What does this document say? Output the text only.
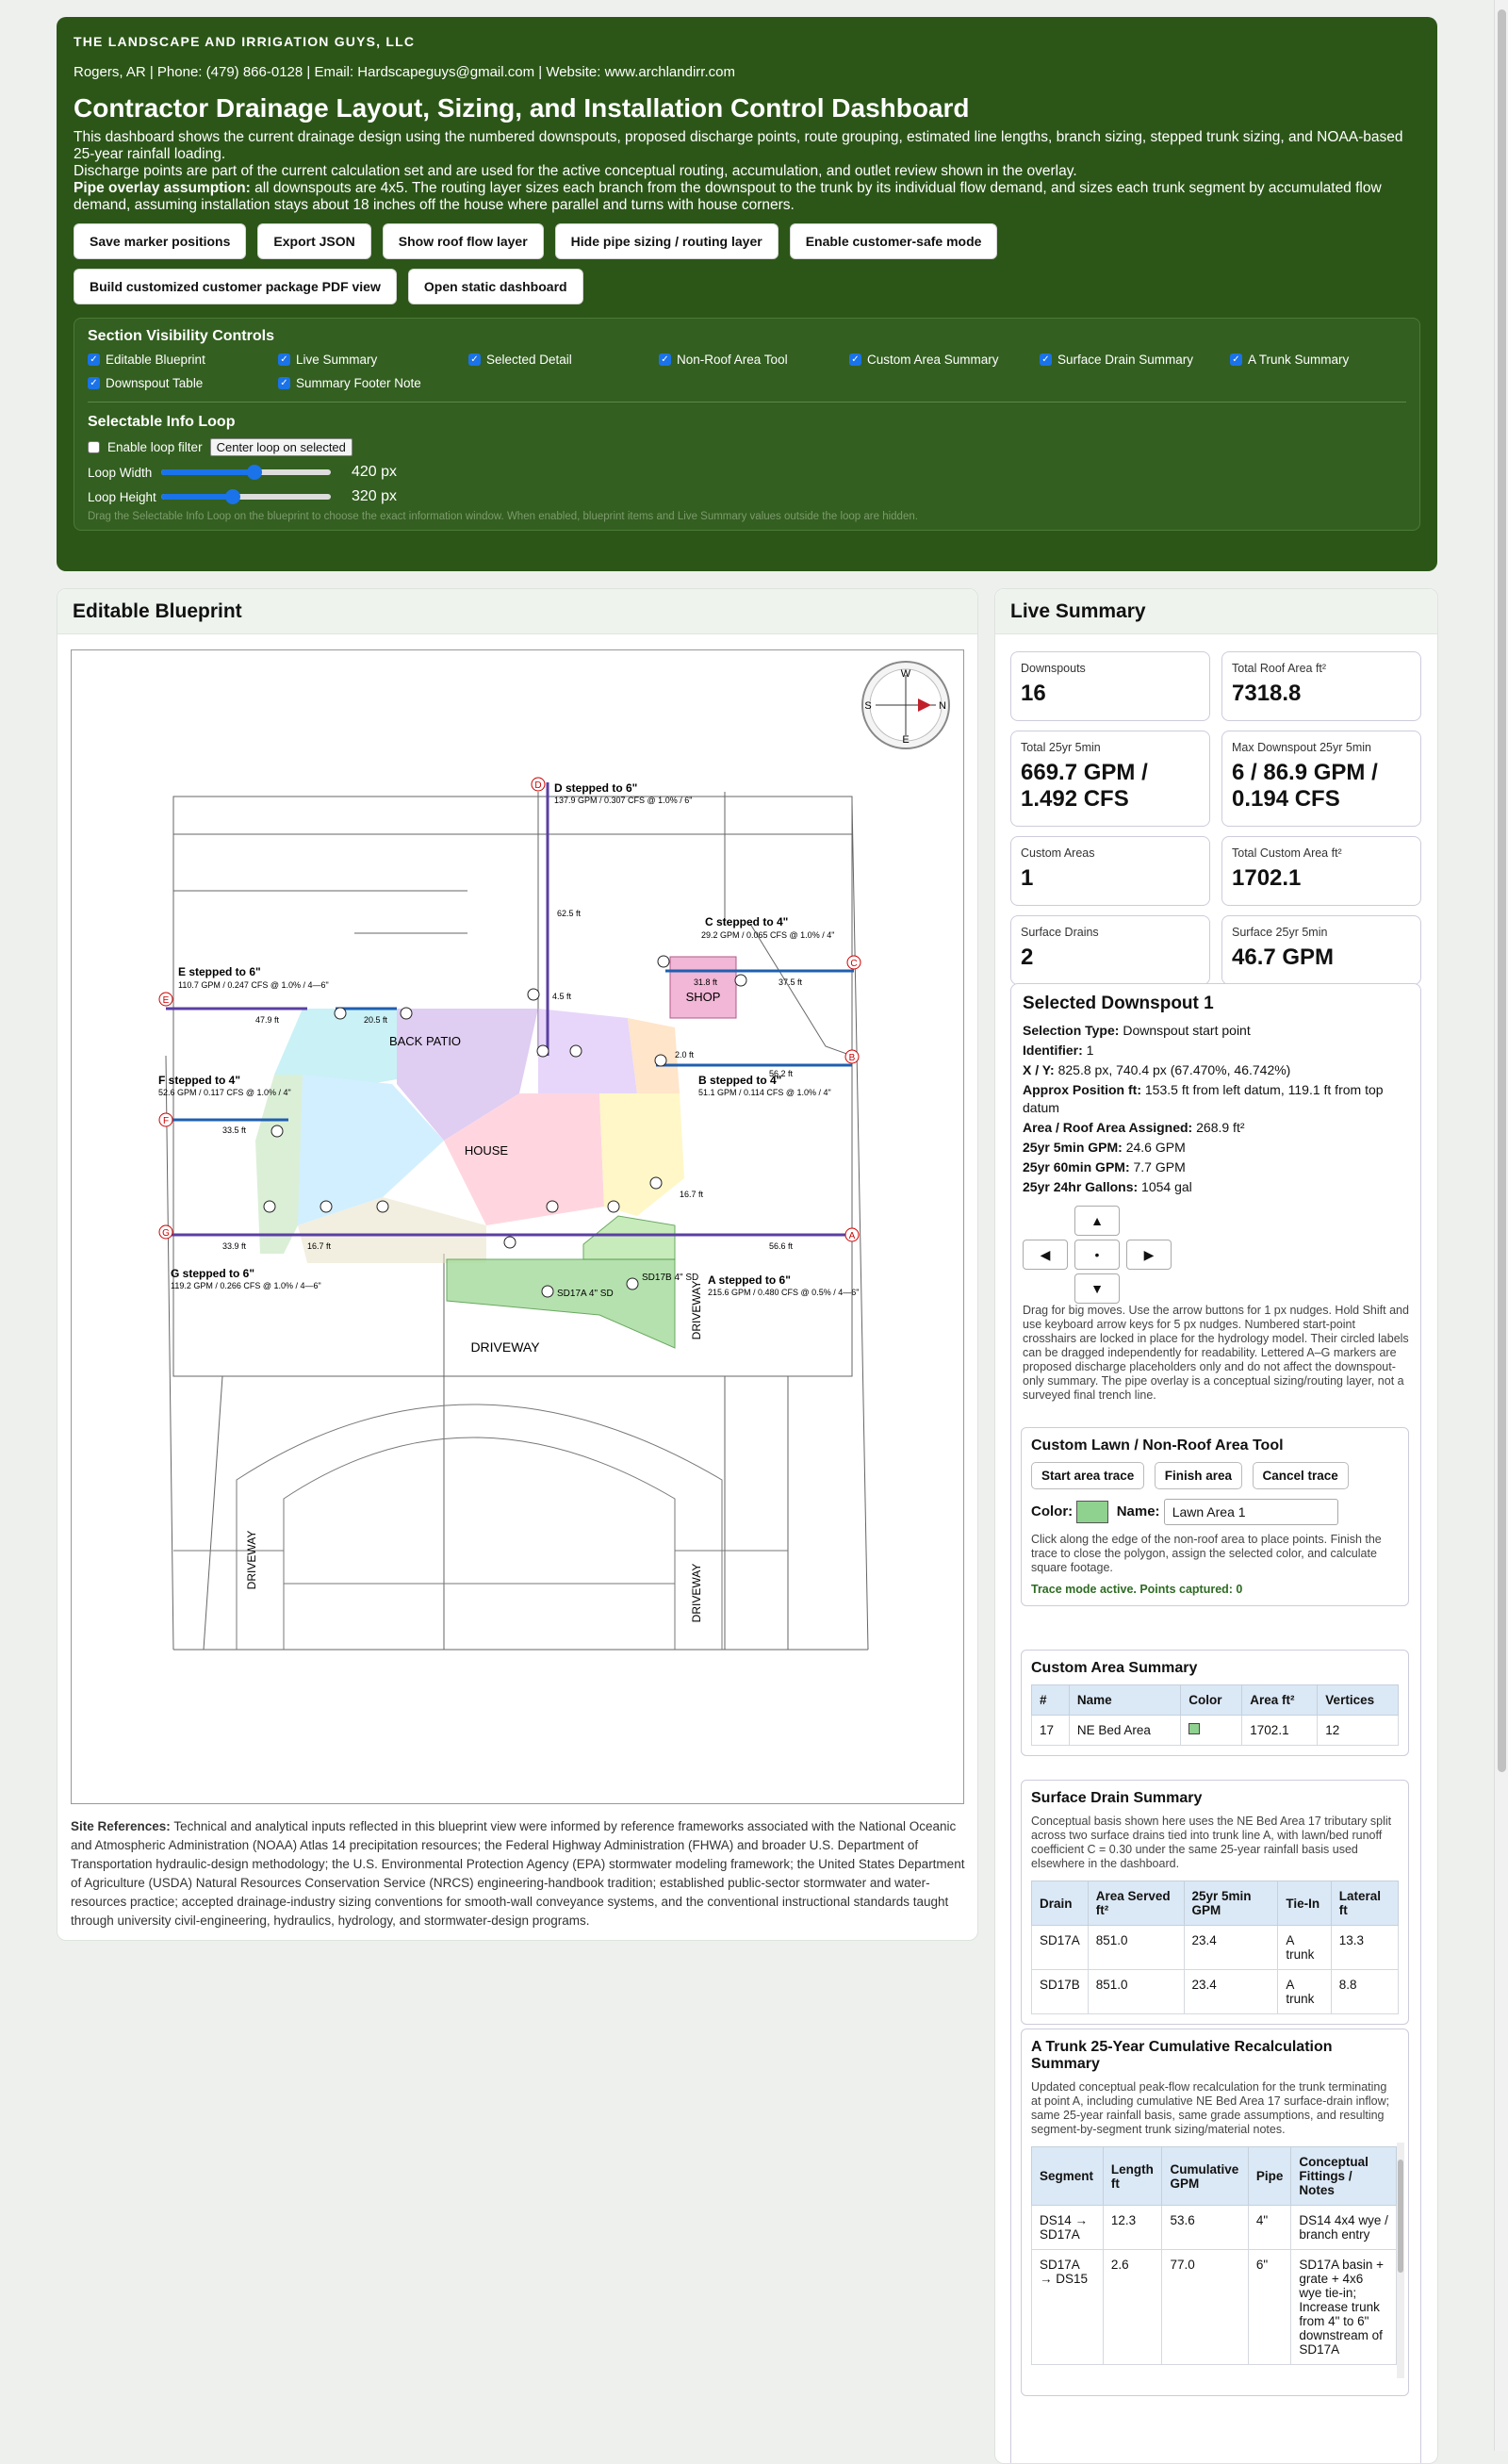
THE LANDSCAPE AND IRRIGATION GUYS, LLC
Rogers, AR | Phone: (479) 866-0128 | Email: Hardscapeguys@gmail.com | Website: www.archlandirr.com
Contractor Drainage Layout, Sizing, and Installation Control Dashboard

This dashboard shows the current drainage design using the numbered downspouts, proposed discharge points, route grouping, estimated line lengths, branch sizing, stepped trunk sizing, and NOAA-based 25-year rainfall loading.

Discharge points are part of the current calculation set and are used for the active conceptual routing, accumulation, and outlet review shown in the overlay.

Pipe overlay assumption: all downspouts are 4x5. The routing layer sizes each branch from the downspout to the trunk by its individual flow demand, and sizes each trunk segment by accumulated flow demand, assuming installation stays about 18 inches off the house where parallel and turns with house corners.

Save marker positions	Export JSON	Show roof flow layer	Hide pipe sizing / routing layer	Enable customer-safe mode
Build customized customer package PDF view	Open static dashboard
Section Visibility Controls
✓ Editable Blueprint	✓ Live Summary	✓ Selected Detail	✓ Non-Roof Area Tool	✓ Custom Area Summary	✓ Surface Drain Summary	✓ A Trunk Summary
✓ Downspout Table	✓ Summary Footer Note
Selectable Info Loop
Enable loop filter	Center loop on selected
Loop Width	420 px
Loop Height	320 px
Drag the Selectable Info Loop on the blueprint to choose the exact information window. When enabled, blueprint items and Live Summary values outside the loop are hidden.
Editable Blueprint
W
E
S	N
BACK PATIO
HOUSE
SHOP
DRIVEWAY
DRIVEWAY
DRIVEWAY
DRIVEWAY
D
C
E
B
F
G	A
SD17A 4" SD
SD17B 4" SD
D stepped to 6"
C stepped to 4"
E stepped to 6"
B stepped to 4"
F stepped to 4"
G stepped to 6"	A stepped to 6"
137.9 GPM / 0.307 CFS @ 1.0% / 6"
29.2 GPM / 0.065 CFS @ 1.0% / 4"
110.7 GPM / 0.247 CFS @ 1.0% / 4—6"
51.1 GPM / 0.114 CFS @ 1.0% / 4"
52.6 GPM / 0.117 CFS @ 1.0% / 4"
119.2 GPM / 0.266 CFS @ 1.0% / 4—6"
215.6 GPM / 0.480 CFS @ 0.5% / 4—6"
62.5 ft
31.8 ft	37.5 ft
47.9 ft	20.5 ft
56.2 ft
33.5 ft
33.9 ft	16.7 ft	56.6 ft
16.7 ft
4.5 ft
2.0 ft
Site References: Technical and analytical inputs reflected in this blueprint view were informed by reference frameworks associated with the National Oceanic and Atmospheric Administration (NOAA) Atlas 14 precipitation resources; the Federal Highway Administration (FHWA) and broader U.S. Department of Transportation hydraulic-design methodology; the U.S. Environmental Protection Agency (EPA) stormwater modeling framework; the United States Department of Agriculture (USDA) Natural Resources Conservation Service (NRCS) engineering-handbook tradition; established public-sector stormwater and water-resources practice; accepted drainage-industry sizing conventions for smooth-wall conveyance systems, and the conventional instructional standards taught through university civil-engineering, hydraulics, hydrology, and stormwater-design programs.
Live Summary
Downspouts
16
Total Roof Area ft²
7318.8
Total 25yr 5min
669.7 GPM / 1.492 CFS
Max Downspout 25yr 5min
6 / 86.9 GPM / 0.194 CFS
Custom Areas
1
Total Custom Area ft²
1702.1
Surface Drains
2
Surface 25yr 5min
46.7 GPM
Selected Downspout 1
Selection Type: Downspout start point
Identifier: 1
X / Y: 825.8 px, 740.4 px (67.470%, 46.742%)
Approx Position ft: 153.5 ft from left datum, 119.1 ft from top datum
Area / Roof Area Assigned: 268.9 ft²
25yr 5min GPM: 24.6 GPM
25yr 60min GPM: 7.7 GPM
25yr 24hr Gallons: 1054 gal
▲
◀	•	▶
▼
Drag for big moves. Use the arrow buttons for 1 px nudges. Hold Shift and use keyboard arrow keys for 5 px nudges. Numbered start-point crosshairs are locked in place for the hydrology model. Their circled labels can be dragged independently for readability. Lettered A–G markers are proposed discharge placeholders only and do not affect the downspout-only summary. The pipe overlay is a conceptual sizing/routing layer, not a surveyed final trench line.
Custom Lawn / Non-Roof Area Tool
Start area trace Finish area Cancel trace
Color:	Name: Lawn Area 1
Click along the edge of the non-roof area to place points. Finish the trace to close the polygon, assign the selected color, and calculate square footage.
Trace mode active. Points captured: 0
Custom Area Summary
#	Name	Color	Area ft²	Vertices
17	NE Bed Area		1702.1	12
Surface Drain Summary
Conceptual basis shown here uses the NE Bed Area 17 tributary split across two surface drains tied into trunk line A, with lawn/bed runoff coefficient C = 0.30 under the same 25-year rainfall basis used elsewhere in the dashboard.
Drain	Area Served ft²	25yr 5min GPM	Tie-In	Lateral ft
SD17A	851.0	23.4	A trunk	13.3
SD17B	851.0	23.4	A trunk	8.8
A Trunk 25-Year Cumulative Recalculation Summary
Updated conceptual peak-flow recalculation for the trunk terminating at point A, including cumulative NE Bed Area 17 surface-drain inflow; same 25-year rainfall basis, same grade assumptions, and resulting segment-by-segment trunk sizing/material notes.
Segment	Length ft	Cumulative GPM	Pipe	Conceptual Fittings / Notes
DS14 → SD17A	12.3	53.6	4"	DS14 4x4 wye / branch entry
SD17A → DS15	2.6	77.0	6"	SD17A basin + grate + 4x6 wye tie-in; Increase trunk from 4" to 6" downstream of SD17A
